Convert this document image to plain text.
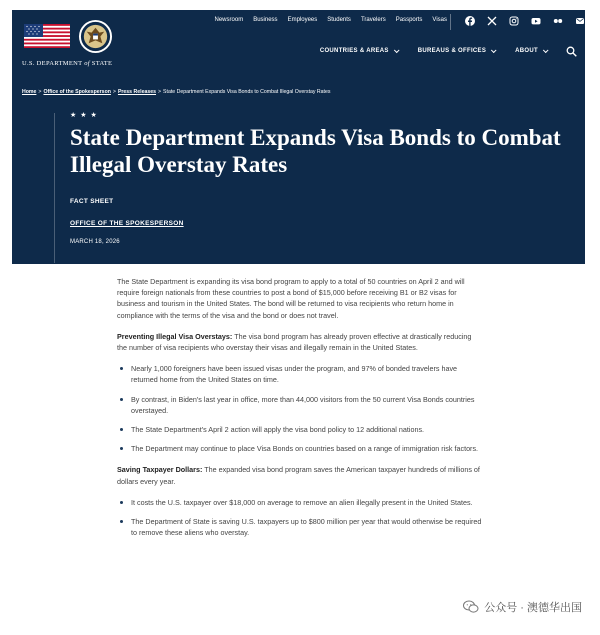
U.S. DEPARTMENT of STATE
Newsroom Business Employees Students Travelers Passports Visas
COUNTRIES & AREAS	BUREAUS & OFFICES	ABOUT
Home > Office of the Spokesperson > Press Releases > State Department Expands Visa Bonds to Combat Illegal Overstay Rates
★ ★ ★
State Department Expands Visa Bonds to Combat Illegal Overstay Rates
FACT SHEET
OFFICE OF THE SPOKESPERSON
MARCH 18, 2026

The State Department is expanding its visa bond program to apply to a total of 50 countries on April 2 and will require foreign nationals from these countries to post a bond of $15,000 before receiving B1 or B2 visas for business and tourism in the United States. The bond will be returned to visa recipients who return home in compliance with the terms of the visa and the bond or does not travel.

Preventing Illegal Visa Overstays: The visa bond program has already proven effective at drastically reducing the number of visa recipients who overstay their visas and illegally remain in the United States.

Nearly 1,000 foreigners have been issued visas under the program, and 97% of bonded travelers have returned home from the United States on time.
By contrast, in Biden's last year in office, more than 44,000 visitors from the 50 current Visa Bonds countries overstayed.
The State Department's April 2 action will apply the visa bond policy to 12 additional nations.
The Department may continue to place Visa Bonds on countries based on a range of immigration risk factors.

Saving Taxpayer Dollars: The expanded visa bond program saves the American taxpayer hundreds of millions of dollars every year.

It costs the U.S. taxpayer over $18,000 on average to remove an alien illegally present in the United States.
The Department of State is saving U.S. taxpayers up to $800 million per year that would otherwise be required to remove these aliens who overstay.
公众号 · 澳德华出国
